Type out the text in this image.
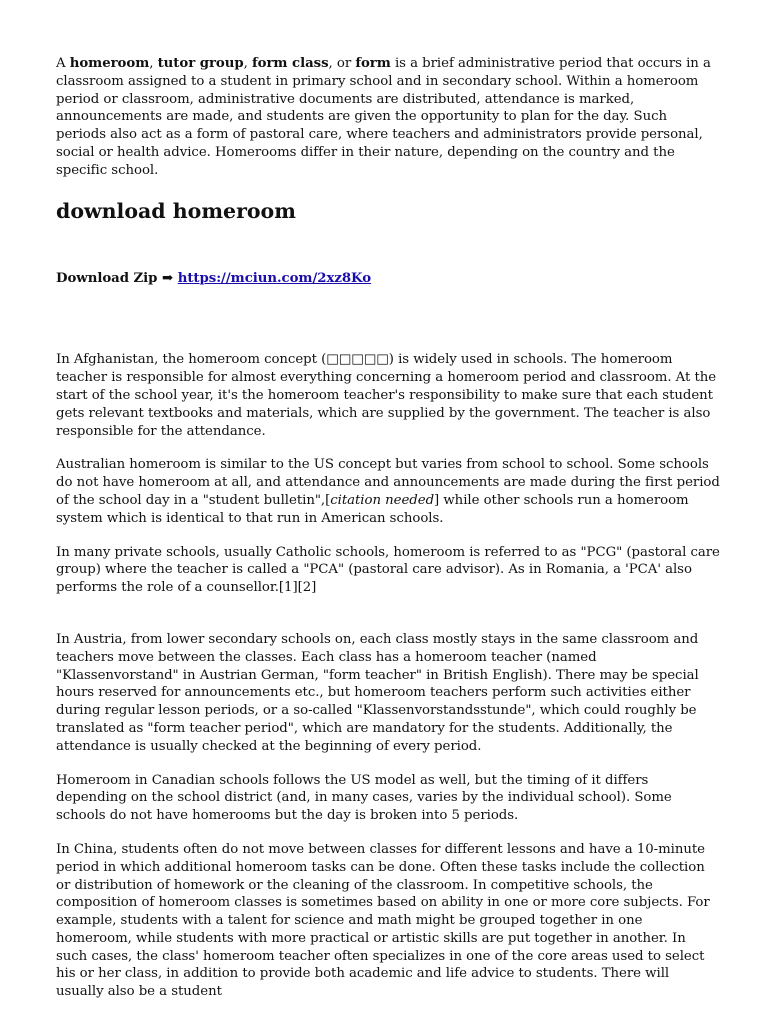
A homeroom, tutor group, form class, or form is a brief administrative period that occurs in a classroom assigned to a student in primary school and in secondary school. Within a homeroom period or classroom, administrative documents are distributed, attendance is marked, announcements are made, and students are given the opportunity to plan for the day. Such periods also act as a form of pastoral care, where teachers and administrators provide personal, social or health advice. Homerooms differ in their nature, depending on the country and the specific school.

download homeroom

Download Zip ➡ https://mciun.com/2xz8Ko

In Afghanistan, the homeroom concept (□□□□□) is widely used in schools. The homeroom teacher is responsible for almost everything concerning a homeroom period and classroom. At the start of the school year, it's the homeroom teacher's responsibility to make sure that each student gets relevant textbooks and materials, which are supplied by the government. The teacher is also responsible for the attendance.

Australian homeroom is similar to the US concept but varies from school to school. Some schools do not have homeroom at all, and attendance and announcements are made during the first period of the school day in a "student bulletin",[citation needed] while other schools run a homeroom system which is identical to that run in American schools.

In many private schools, usually Catholic schools, homeroom is referred to as "PCG" (pastoral care group) where the teacher is called a "PCA" (pastoral care advisor). As in Romania, a 'PCA' also performs the role of a counsellor.[1][2]

In Austria, from lower secondary schools on, each class mostly stays in the same classroom and teachers move between the classes. Each class has a homeroom teacher (named "Klassenvorstand" in Austrian German, "form teacher" in British English). There may be special hours reserved for announcements etc., but homeroom teachers perform such activities either during regular lesson periods, or a so-called "Klassenvorstandsstunde", which could roughly be translated as "form teacher period", which are mandatory for the students. Additionally, the attendance is usually checked at the beginning of every period.

Homeroom in Canadian schools follows the US model as well, but the timing of it differs depending on the school district (and, in many cases, varies by the individual school). Some schools do not have homerooms but the day is broken into 5 periods.

In China, students often do not move between classes for different lessons and have a 10-minute period in which additional homeroom tasks can be done. Often these tasks include the collection or distribution of homework or the cleaning of the classroom. In competitive schools, the composition of homeroom classes is sometimes based on ability in one or more core subjects. For example, students with a talent for science and math might be grouped together in one homeroom, while students with more practical or artistic skills are put together in another. In such cases, the class' homeroom teacher often specializes in one of the core areas used to select his or her class, in addition to provide both academic and life advice to students. There will usually also be a student
